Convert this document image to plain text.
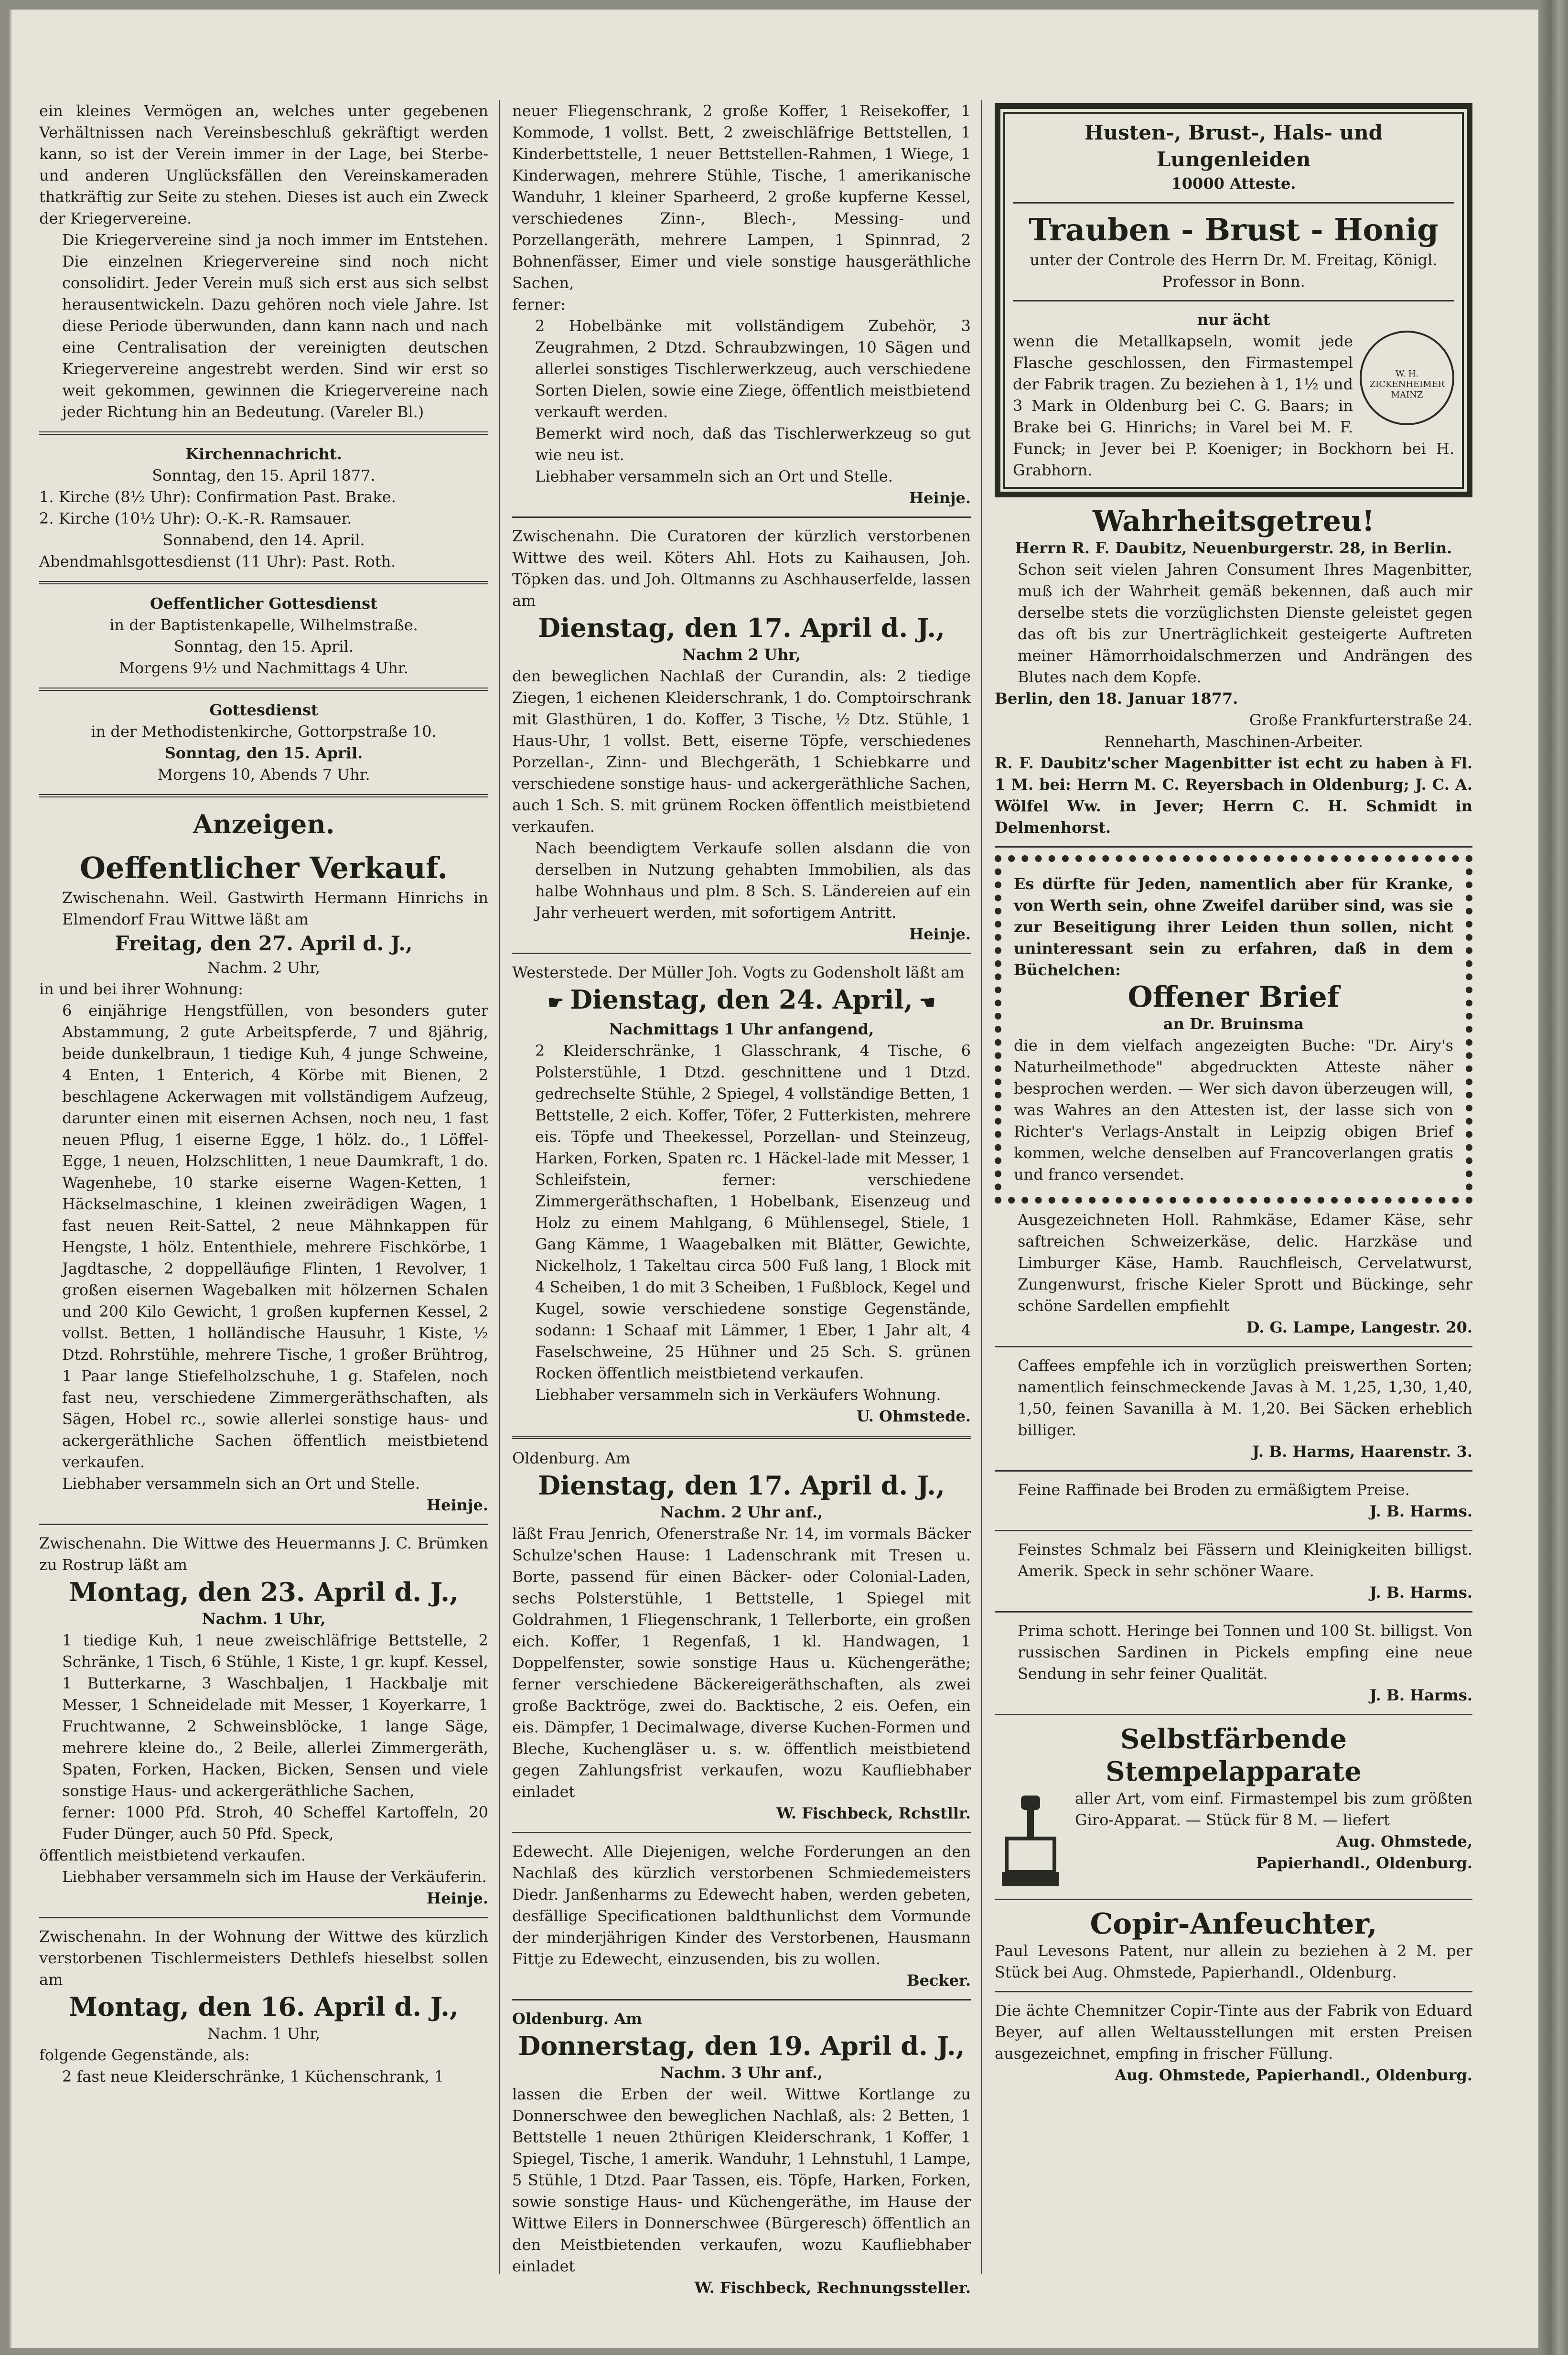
ein kleines Vermögen an, welches unter gegebenen Verhältnissen nach Vereinsbeschluß gekräftigt werden kann, so ist der Verein immer in der Lage, bei Sterbe- und anderen Unglücksfällen den Vereinskameraden thatkräftig zur Seite zu stehen. Dieses ist auch ein Zweck der Kriegervereine.

Die Kriegervereine sind ja noch immer im Entstehen. Die einzelnen Kriegervereine sind noch nicht consolidirt. Jeder Verein muß sich erst aus sich selbst herausentwickeln. Dazu gehören noch viele Jahre. Ist diese Periode überwunden, dann kann nach und nach eine Centralisation der vereinigten deutschen Kriegervereine angestrebt werden. Sind wir erst so weit gekommen, gewinnen die Kriegervereine nach jeder Richtung hin an Bedeutung. (Vareler Bl.)

Kirchennachricht.

Sonntag, den 15. April 1877.

1. Kirche (8½ Uhr): Confirmation Past. Brake.

2. Kirche (10½ Uhr): O.-K.-R. Ramsauer.

Sonnabend, den 14. April.

Abendmahlsgottesdienst (11 Uhr): Past. Roth.

Oeffentlicher Gottesdienst

in der Baptistenkapelle, Wilhelmstraße.

Sonntag, den 15. April.

Morgens 9½ und Nachmittags 4 Uhr.

Gottesdienst

in der Methodistenkirche, Gottorpstraße 10.

Sonntag, den 15. April.

Morgens 10, Abends 7 Uhr.

Anzeigen.

Oeffentlicher Verkauf.

Zwischenahn. Weil. Gastwirth Hermann Hinrichs in Elmendorf Frau Wittwe läßt am

Freitag, den 27. April d. J.,

Nachm. 2 Uhr,

in und bei ihrer Wohnung:

6 einjährige Hengstfüllen, von besonders guter Abstammung, 2 gute Arbeitspferde, 7 und 8jährig, beide dunkelbraun, 1 tiedige Kuh, 4 junge Schweine, 4 Enten, 1 Enterich, 4 Körbe mit Bienen, 2 beschlagene Ackerwagen mit vollständigem Aufzeug, darunter einen mit eisernen Achsen, noch neu, 1 fast neuen Pflug, 1 eiserne Egge, 1 hölz. do., 1 Löffel-Egge, 1 neuen, Holzschlitten, 1 neue Daumkraft, 1 do. Wagenhebe, 10 starke eiserne Wagen-Ketten, 1 Häckselmaschine, 1 kleinen zweirädigen Wagen, 1 fast neuen Reit-Sattel, 2 neue Mähnkappen für Hengste, 1 hölz. Ententhiele, mehrere Fischkörbe, 1 Jagdtasche, 2 doppelläufige Flinten, 1 Revolver, 1 großen eisernen Wagebalken mit hölzernen Schalen und 200 Kilo Gewicht, 1 großen kupfernen Kessel, 2 vollst. Betten, 1 holländische Hausuhr, 1 Kiste, ½ Dtzd. Rohrstühle, mehrere Tische, 1 großer Brühtrog, 1 Paar lange Stiefelholzschuhe, 1 g. Stafelen, noch fast neu, verschiedene Zimmergeräthschaften, als Sägen, Hobel rc., sowie allerlei sonstige haus- und ackergeräthliche Sachen öffentlich meistbietend verkaufen.

Liebhaber versammeln sich an Ort und Stelle.

Heinje.

Zwischenahn. Die Wittwe des Heuermanns J. C. Brümken zu Rostrup läßt am

Montag, den 23. April d. J.,

Nachm. 1 Uhr,

1 tiedige Kuh, 1 neue zweischläfrige Bettstelle, 2 Schränke, 1 Tisch, 6 Stühle, 1 Kiste, 1 gr. kupf. Kessel, 1 Butterkarne, 3 Waschbaljen, 1 Hackbalje mit Messer, 1 Schneidelade mit Messer, 1 Koyerkarre, 1 Fruchtwanne, 2 Schweinsblöcke, 1 lange Säge, mehrere kleine do., 2 Beile, allerlei Zimmergeräth, Spaten, Forken, Hacken, Bicken, Sensen und viele sonstige Haus- und ackergeräthliche Sachen,

ferner: 1000 Pfd. Stroh, 40 Scheffel Kartoffeln, 20 Fuder Dünger, auch 50 Pfd. Speck,

öffentlich meistbietend verkaufen.

Liebhaber versammeln sich im Hause der Verkäuferin.

Heinje.

Zwischenahn. In der Wohnung der Wittwe des kürzlich verstorbenen Tischlermeisters Dethlefs hieselbst sollen am

Montag, den 16. April d. J.,

Nachm. 1 Uhr,

folgende Gegenstände, als:

2 fast neue Kleiderschränke, 1 Küchenschrank, 1

neuer Fliegenschrank, 2 große Koffer, 1 Reisekoffer, 1 Kommode, 1 vollst. Bett, 2 zweischläfrige Bettstellen, 1 Kinderbettstelle, 1 neuer Bettstellen-Rahmen, 1 Wiege, 1 Kinderwagen, mehrere Stühle, Tische, 1 amerikanische Wanduhr, 1 kleiner Sparheerd, 2 große kupferne Kessel, verschiedenes Zinn-, Blech-, Messing- und Porzellangeräth, mehrere Lampen, 1 Spinnrad, 2 Bohnenfässer, Eimer und viele sonstige hausgeräthliche Sachen,

ferner:

2 Hobelbänke mit vollständigem Zubehör, 3 Zeugrahmen, 2 Dtzd. Schraubzwingen, 10 Sägen und allerlei sonstiges Tischlerwerkzeug, auch verschiedene Sorten Dielen, sowie eine Ziege, öffentlich meistbietend verkauft werden.

Bemerkt wird noch, daß das Tischlerwerkzeug so gut wie neu ist.

Liebhaber versammeln sich an Ort und Stelle.

Heinje.

Zwischenahn. Die Curatoren der kürzlich verstorbenen Wittwe des weil. Köters Ahl. Hots zu Kaihausen, Joh. Töpken das. und Joh. Oltmanns zu Aschhauserfelde, lassen am

Dienstag, den 17. April d. J.,

Nachm 2 Uhr,

den beweglichen Nachlaß der Curandin, als: 2 tiedige Ziegen, 1 eichenen Kleiderschrank, 1 do. Comptoirschrank mit Glasthüren, 1 do. Koffer, 3 Tische, ½ Dtz. Stühle, 1 Haus-Uhr, 1 vollst. Bett, eiserne Töpfe, verschiedenes Porzellan-, Zinn- und Blechgeräth, 1 Schiebkarre und verschiedene sonstige haus- und ackergeräthliche Sachen, auch 1 Sch. S. mit grünem Rocken öffentlich meistbietend verkaufen.

Nach beendigtem Verkaufe sollen alsdann die von derselben in Nutzung gehabten Immobilien, als das halbe Wohnhaus und plm. 8 Sch. S. Ländereien auf ein Jahr verheuert werden, mit sofortigem Antritt.

Heinje.

Westerstede. Der Müller Joh. Vogts zu Godensholt läßt am

☛ Dienstag, den 24. April, ☚

Nachmittags 1 Uhr anfangend,

2 Kleiderschränke, 1 Glasschrank, 4 Tische, 6 Polsterstühle, 1 Dtzd. geschnittene und 1 Dtzd. gedrechselte Stühle, 2 Spiegel, 4 vollständige Betten, 1 Bettstelle, 2 eich. Koffer, Töfer, 2 Futterkisten, mehrere eis. Töpfe und Theekessel, Porzellan- und Steinzeug, Harken, Forken, Spaten rc. 1 Häckel-lade mit Messer, 1 Schleifstein, ferner: verschiedene Zimmergeräthschaften, 1 Hobelbank, Eisenzeug und Holz zu einem Mahlgang, 6 Mühlensegel, Stiele, 1 Gang Kämme, 1 Waagebalken mit Blätter, Gewichte, Nickelholz, 1 Takeltau circa 500 Fuß lang, 1 Block mit 4 Scheiben, 1 do mit 3 Scheiben, 1 Fußblock, Kegel und Kugel, sowie verschiedene sonstige Gegenstände, sodann: 1 Schaaf mit Lämmer, 1 Eber, 1 Jahr alt, 4 Faselschweine, 25 Hühner und 25 Sch. S. grünen Rocken öffentlich meistbietend verkaufen.

Liebhaber versammeln sich in Verkäufers Wohnung.

U. Ohmstede.

Oldenburg. Am

Dienstag, den 17. April d. J.,

Nachm. 2 Uhr anf.,

läßt Frau Jenrich, Ofenerstraße Nr. 14, im vormals Bäcker Schulze'schen Hause: 1 Ladenschrank mit Tresen u. Borte, passend für einen Bäcker- oder Colonial-Laden, sechs Polsterstühle, 1 Bettstelle, 1 Spiegel mit Goldrahmen, 1 Fliegenschrank, 1 Tellerborte, ein großen eich. Koffer, 1 Regenfaß, 1 kl. Handwagen, 1 Doppelfenster, sowie sonstige Haus u. Küchengeräthe; ferner verschiedene Bäckereigeräthschaften, als zwei große Backtröge, zwei do. Backtische, 2 eis. Oefen, ein eis. Dämpfer, 1 Decimalwage, diverse Kuchen-Formen und Bleche, Kuchengläser u. s. w. öffentlich meistbietend gegen Zahlungsfrist verkaufen, wozu Kaufliebhaber einladet

W. Fischbeck, Rchstllr.

Edewecht. Alle Diejenigen, welche Forderungen an den Nachlaß des kürzlich verstorbenen Schmiedemeisters Diedr. Janßenharms zu Edewecht haben, werden gebeten, desfällige Specificationen baldthunlichst dem Vormunde der minderjährigen Kinder des Verstorbenen, Hausmann Fittje zu Edewecht, einzusenden, bis zu wollen.

Becker.

Oldenburg. Am

Donnerstag, den 19. April d. J.,

Nachm. 3 Uhr anf.,

lassen die Erben der weil. Wittwe Kortlange zu Donnerschwee den beweglichen Nachlaß, als: 2 Betten, 1 Bettstelle 1 neuen 2thürigen Kleiderschrank, 1 Koffer, 1 Spiegel, Tische, 1 amerik. Wanduhr, 1 Lehnstuhl, 1 Lampe, 5 Stühle, 1 Dtzd. Paar Tassen, eis. Töpfe, Harken, Forken, sowie sonstige Haus- und Küchengeräthe, im Hause der Wittwe Eilers in Donnerschwee (Bürgeresch) öffentlich an den Meistbietenden verkaufen, wozu Kaufliebhaber einladet

W. Fischbeck, Rechnungssteller.

Husten-, Brust-, Hals- und Lungenleiden

10000 Atteste.

Trauben - Brust - Honig

unter der Controle des Herrn Dr. M. Freitag, Königl. Professor in Bonn.

nur ächt

W. H. ZICKENHEIMER MAINZ

wenn die Metallkapseln, womit jede Flasche geschlossen, den Firmastempel der Fabrik tragen. Zu beziehen à 1, 1½ und 3 Mark in Oldenburg bei C. G. Baars; in Brake bei G. Hinrichs; in Varel bei M. F. Funck; in Jever bei P. Koeniger; in Bockhorn bei H. Grabhorn.

Wahrheitsgetreu!

Herrn R. F. Daubitz, Neuenburgerstr. 28, in Berlin.

Schon seit vielen Jahren Consument Ihres Magenbitter, muß ich der Wahrheit gemäß bekennen, daß auch mir derselbe stets die vorzüglichsten Dienste geleistet gegen das oft bis zur Unerträglichkeit gesteigerte Auftreten meiner Hämorrhoidalschmerzen und Andrängen des Blutes nach dem Kopfe.

Berlin, den 18. Januar 1877.

Große Frankfurterstraße 24.

Renneharth, Maschinen-Arbeiter.

R. F. Daubitz'scher Magenbitter ist echt zu haben à Fl. 1 M. bei: Herrn M. C. Reyersbach in Oldenburg; J. C. A. Wölfel Ww. in Jever; Herrn C. H. Schmidt in Delmenhorst.

Es dürfte für Jeden, namentlich aber für Kranke, von Werth sein, ohne Zweifel darüber sind, was sie zur Beseitigung ihrer Leiden thun sollen, nicht uninteressant sein zu erfahren, daß in dem Büchelchen:

Offener Brief

an Dr. Bruinsma

die in dem vielfach angezeigten Buche: "Dr. Airy's Naturheilmethode" abgedruckten Atteste näher besprochen werden. — Wer sich davon überzeugen will, was Wahres an den Attesten ist, der lasse sich von Richter's Verlags-Anstalt in Leipzig obigen Brief kommen, welche denselben auf Francoverlangen gratis und franco versendet.

Ausgezeichneten Holl. Rahmkäse, Edamer Käse, sehr saftreichen Schweizerkäse, delic. Harzkäse und Limburger Käse, Hamb. Rauchfleisch, Cervelatwurst, Zungenwurst, frische Kieler Sprott und Bückinge, sehr schöne Sardellen empfiehlt

D. G. Lampe, Langestr. 20.

Caffees empfehle ich in vorzüglich preiswerthen Sorten; namentlich feinschmeckende Javas à M. 1,25, 1,30, 1,40, 1,50, feinen Savanilla à M. 1,20. Bei Säcken erheblich billiger.

J. B. Harms, Haarenstr. 3.

Feine Raffinade bei Broden zu ermäßigtem Preise.

J. B. Harms.

Feinstes Schmalz bei Fässern und Kleinigkeiten billigst. Amerik. Speck in sehr schöner Waare.

J. B. Harms.

Prima schott. Heringe bei Tonnen und 100 St. billigst. Von russischen Sardinen in Pickels empfing eine neue Sendung in sehr feiner Qualität.

J. B. Harms.

Selbstfärbende Stempelapparate

aller Art, vom einf. Firmastempel bis zum größten Giro-Apparat. — Stück für 8 M. — liefert

Aug. Ohmstede,

Papierhandl., Oldenburg.

Copir-Anfeuchter,

Paul Levesons Patent, nur allein zu beziehen à 2 M. per Stück bei Aug. Ohmstede, Papierhandl., Oldenburg.

Die ächte Chemnitzer Copir-Tinte aus der Fabrik von Eduard Beyer, auf allen Weltausstellungen mit ersten Preisen ausgezeichnet, empfing in frischer Füllung.

Aug. Ohmstede, Papierhandl., Oldenburg.
